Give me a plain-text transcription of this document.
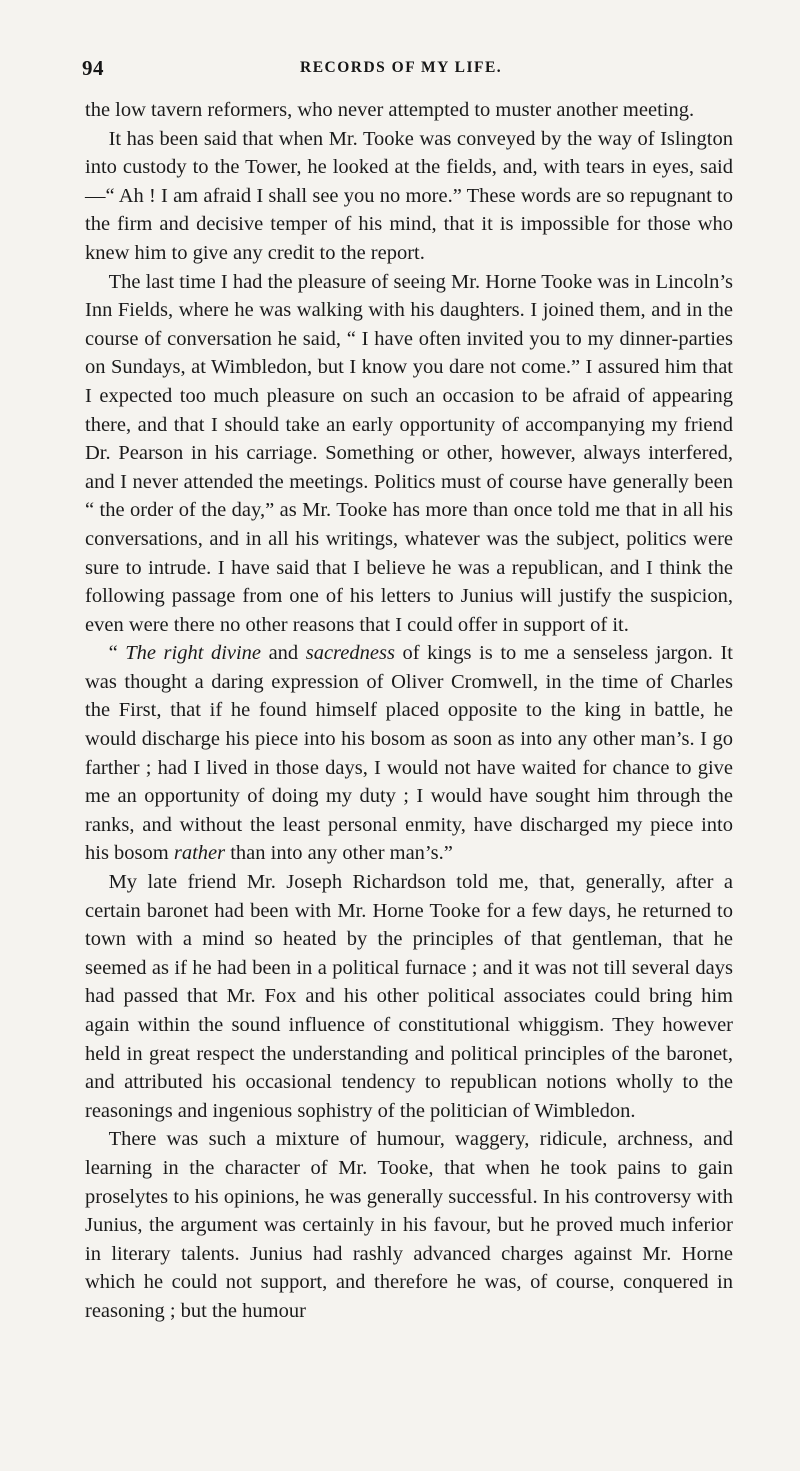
94	RECORDS OF MY LIFE.

the low tavern reformers, who never attempted to muster another meeting.

It has been said that when Mr. Tooke was conveyed by the way of Islington into custody to the Tower, he looked at the fields, and, with tears in eyes, said—“ Ah ! I am afraid I shall see you no more.” These words are so repugnant to the firm and decisive temper of his mind, that it is impossible for those who knew him to give any credit to the report.

The last time I had the pleasure of seeing Mr. Horne Tooke was in Lincoln’s Inn Fields, where he was walking with his daughters. I joined them, and in the course of conversation he said, “ I have often invited you to my dinner-parties on Sundays, at Wimbledon, but I know you dare not come.” I assured him that I expected too much pleasure on such an occasion to be afraid of appearing there, and that I should take an early opportunity of accompanying my friend Dr. Pearson in his carriage. Something or other, however, always interfered, and I never attended the meetings. Politics must of course have generally been “ the order of the day,” as Mr. Tooke has more than once told me that in all his conversations, and in all his writings, whatever was the subject, politics were sure to intrude. I have said that I believe he was a republican, and I think the following passage from one of his letters to Junius will justify the suspicion, even were there no other reasons that I could offer in support of it.

“ The right divine and sacredness of kings is to me a senseless jargon. It was thought a daring expression of Oliver Cromwell, in the time of Charles the First, that if he found himself placed opposite to the king in battle, he would discharge his piece into his bosom as soon as into any other man’s. I go farther ; had I lived in those days, I would not have waited for chance to give me an opportunity of doing my duty ; I would have sought him through the ranks, and without the least personal enmity, have discharged my piece into his bosom rather than into any other man’s.”

My late friend Mr. Joseph Richardson told me, that, generally, after a certain baronet had been with Mr. Horne Tooke for a few days, he returned to town with a mind so heated by the principles of that gentleman, that he seemed as if he had been in a political furnace ; and it was not till several days had passed that Mr. Fox and his other political associates could bring him again within the sound influence of constitutional whiggism. They however held in great respect the understanding and political principles of the baronet, and attributed his occasional tendency to republican notions wholly to the reasonings and ingenious sophistry of the politician of Wimbledon.

There was such a mixture of humour, waggery, ridicule, archness, and learning in the character of Mr. Tooke, that when he took pains to gain proselytes to his opinions, he was generally successful. In his controversy with Junius, the argument was certainly in his favour, but he proved much inferior in literary talents. Junius had rashly advanced charges against Mr. Horne which he could not support, and therefore he was, of course, conquered in reasoning ; but the humour
